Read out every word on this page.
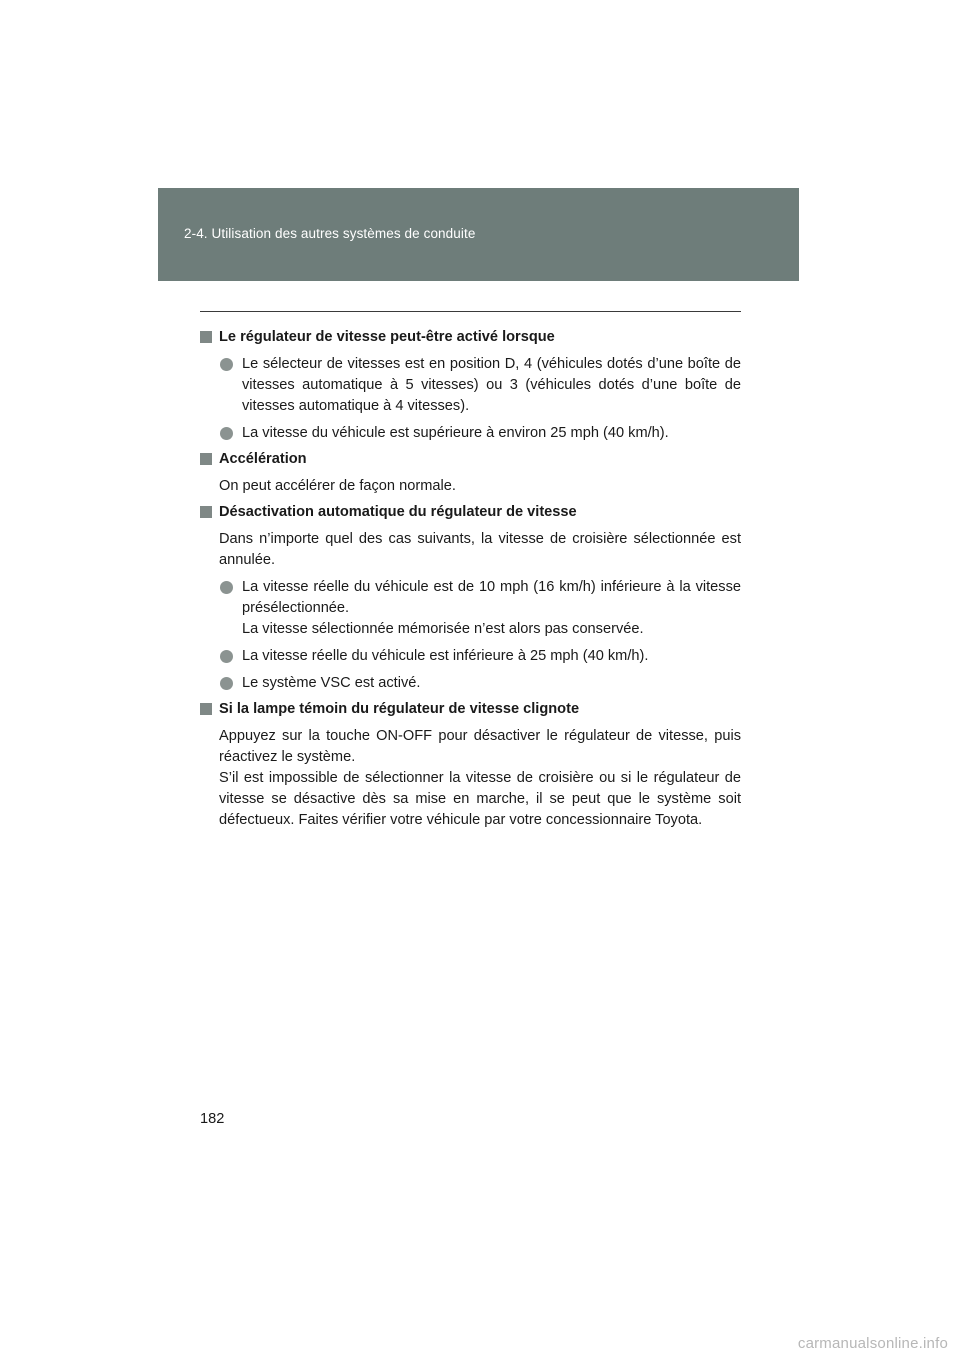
2-4. Utilisation des autres systèmes de conduite
Le régulateur de vitesse peut-être activé lorsque
Le sélecteur de vitesses est en position D, 4 (véhicules dotés d’une boîte de vitesses automatique à 5 vitesses) ou 3 (véhicules dotés d’une boîte de vitesses automatique à 4 vitesses).
La vitesse du véhicule est supérieure à environ 25 mph (40 km/h).
Accélération
On peut accélérer de façon normale.
Désactivation automatique du régulateur de vitesse
Dans n’importe quel des cas suivants, la vitesse de croisière sélectionnée est annulée.
La vitesse réelle du véhicule est de 10 mph (16 km/h) inférieure à la vitesse présélectionnée.
La vitesse sélectionnée mémorisée n’est alors pas conservée.
La vitesse réelle du véhicule est inférieure à 25 mph (40 km/h).
Le système VSC est activé.
Si la lampe témoin du régulateur de vitesse clignote
Appuyez sur la touche ON-OFF pour désactiver le régulateur de vitesse, puis réactivez le système.
S’il est impossible de sélectionner la vitesse de croisière ou si le régulateur de vitesse se désactive dès sa mise en marche, il se peut que le système soit défectueux. Faites vérifier votre véhicule par votre concessionnaire Toyota.
182
carmanualsonline.info
